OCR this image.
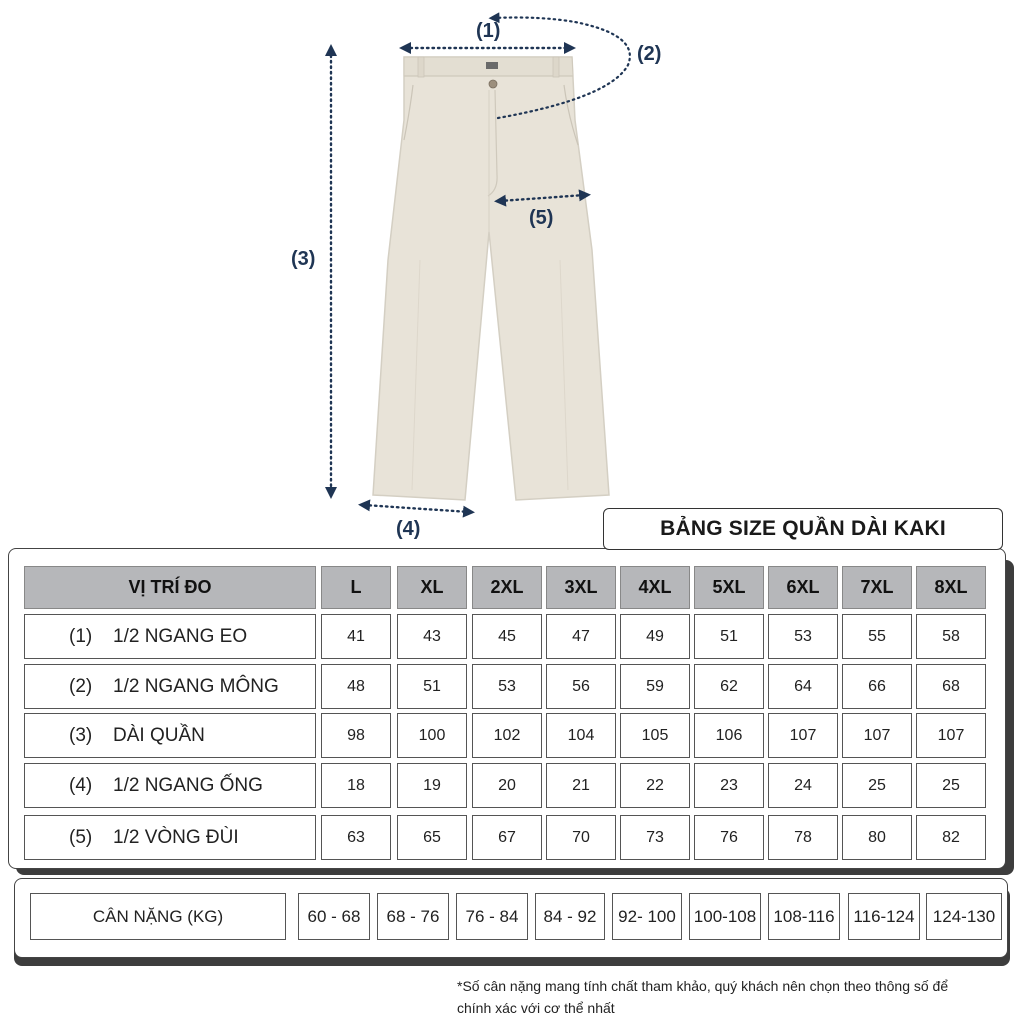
(1)
(2)
(3)
(4)
(5)
BẢNG SIZE QUẦN DÀI KAKI
VỊ TRÍ ĐO	L	XL	2XL	3XL	4XL	5XL	6XL	7XL	8XL
(1)	1/2 NGANG EO	41	43	45	47	49	51	53	55	58
(2)	1/2 NGANG MÔNG	48	51	53	56	59	62	64	66	68
(3)	DÀI QUẦN	98	100	102	104	105	106	107	107	107
(4)	1/2 NGANG ỐNG	18	19	20	21	22	23	24	25	25
(5)	1/2 VÒNG ĐÙI	63	65	67	70	73	76	78	80	82
CÂN NẶNG (KG)	60 - 68	68 - 76	76 - 84	84 - 92	92- 100	100-108	108-116	116-124	124-130
*Số cân nặng mang tính chất tham khảo, quý khách nên chọn theo thông số để
chính xác với cơ thể nhất
